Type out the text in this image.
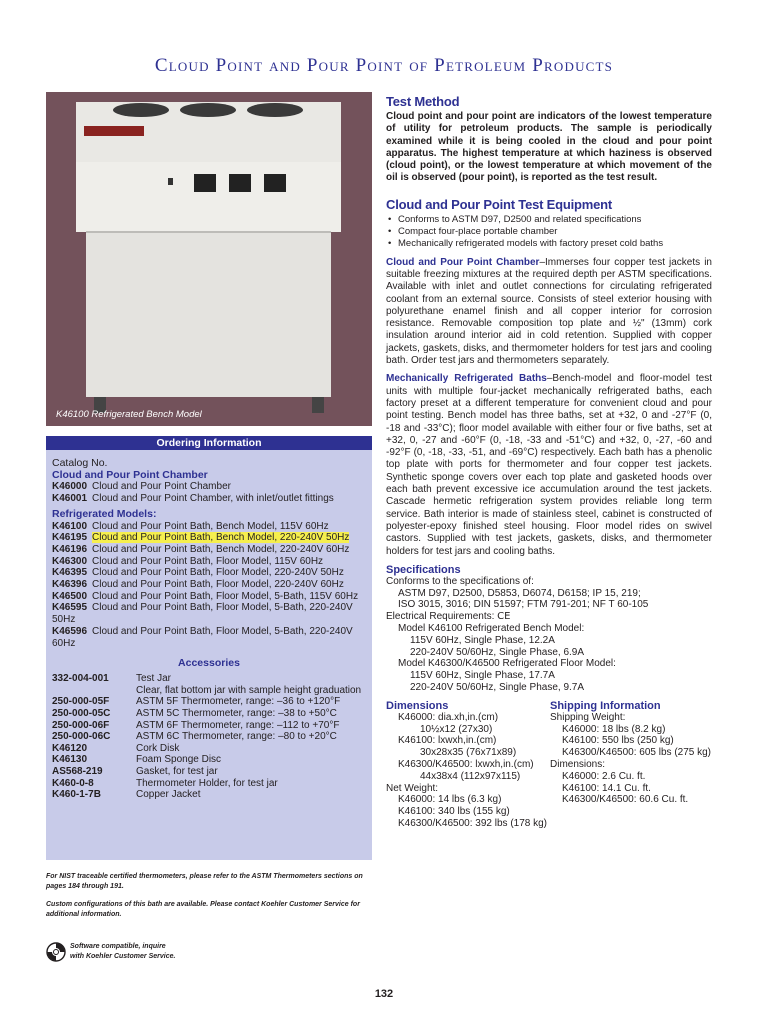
Cloud Point and Pour Point of Petroleum Products
K46100 Refrigerated Bench Model
Ordering Information
Catalog No.
Cloud and Pour Point Chamber
K46000 Cloud and Pour Point Chamber
K46001 Cloud and Pour Point Chamber, with inlet/outlet fittings
Refrigerated Models:
K46100 Cloud and Pour Point Bath, Bench Model, 115V 60Hz
K46195 Cloud and Pour Point Bath, Bench Model, 220-240V 50Hz
K46196 Cloud and Pour Point Bath, Bench Model, 220-240V 60Hz
K46300 Cloud and Pour Point Bath, Floor Model, 115V 60Hz
K46395 Cloud and Pour Point Bath, Floor Model, 220-240V 50Hz
K46396 Cloud and Pour Point Bath, Floor Model, 220-240V 60Hz
K46500 Cloud and Pour Point Bath, Floor Model, 5-Bath, 115V 60Hz
K46595 Cloud and Pour Point Bath, Floor Model, 5-Bath, 220-240V 50Hz
K46596 Cloud and Pour Point Bath, Floor Model, 5-Bath, 220-240V 60Hz
Accessories
332-004-001	Test Jar
Clear, flat bottom jar with sample height graduation
250-000-05F	ASTM 5F Thermometer, range: –36 to +120°F
250-000-05C	ASTM 5C Thermometer, range: –38 to +50°C
250-000-06F	ASTM 6F Thermometer, range: –112 to +70°F
250-000-06C	ASTM 6C Thermometer, range: –80 to +20°C
K46120	Cork Disk
K46130	Foam Sponge Disc
AS568-219	Gasket, for test jar
K460-0-8	Thermometer Holder, for test jar
K460-1-7B	Copper Jacket
For NIST traceable certified thermometers, please refer to the ASTM Thermometers sections on pages 184 through 191.
Custom configurations of this bath are available. Please contact Koehler Customer Service for additional information.
Software compatible, inquire
with Koehler Customer Service.
Test Method
Cloud point and pour point are indicators of the lowest temperature of utility for petroleum products. The sample is periodically examined while it is being cooled in the cloud and pour point apparatus. The highest temperature at which haziness is observed (cloud point), or the lowest temperature at which movement of the oil is observed (pour point), is reported as the test result.
Cloud and Pour Point Test Equipment
• Conforms to ASTM D97, D2500 and related specifications
• Compact four-place portable chamber
• Mechanically refrigerated models with factory preset cold baths
Cloud and Pour Point Chamber–Immerses four copper test jackets in suitable freezing mixtures at the required depth per ASTM specifications. Available with inlet and outlet connections for circulating refrigerated coolant from an external source. Consists of steel exterior housing with polyurethane enamel finish and all copper interior for corrosion resistance. Removable composition top plate and ½" (13mm) cork insulation around interior aid in cold retention. Supplied with copper jackets, gaskets, disks, and thermometer holders for test jars and cooling bath. Order test jars and thermometers separately.
Mechanically Refrigerated Baths–Bench-model and floor-model test units with multiple four-jacket mechanically refrigerated baths, each factory preset at a different temperature for convenient cloud and pour point testing. Bench model has three baths, set at +32, 0 and -27°F (0, -18 and -33°C); floor model available with either four or five baths, set at +32, 0, -27 and -60°F (0, -18, -33 and -51°C) and +32, 0, -27, -60 and -92°F (0, -18, -33, -51, and -69°C) respectively. Each bath has a phenolic top plate with ports for thermometer and four copper test jackets. Synthetic sponge covers over each top plate and gasketed hoods over each bath prevent excessive ice accumulation around the test jackets. Cascade hermetic refrigeration system provides reliable long term service. Bath interior is made of stainless steel, cabinet is constructed of polyester-epoxy finished steel housing. Floor model rides on swivel castors. Supplied with test jackets, gaskets, disks, and thermometer holders for test jars and cooling baths.
Specifications
Conforms to the specifications of:
ASTM D97, D2500, D5853, D6074, D6158; IP 15, 219;
ISO 3015, 3016; DIN 51597; FTM 791-201; NF T 60-105
Electrical Requirements: CE
Model K46100 Refrigerated Bench Model:
115V 60Hz, Single Phase, 12.2A
220-240V 50/60Hz, Single Phase, 6.9A
Model K46300/K46500 Refrigerated Floor Model:
115V 60Hz, Single Phase, 17.7A
220-240V 50/60Hz, Single Phase, 9.7A
Dimensions
K46000: dia.xh,in.(cm)
10½x12 (27x30)
K46100: lxwxh,in.(cm)
30x28x35 (76x71x89)
K46300/K46500: lxwxh,in.(cm)
44x38x4 (112x97x115)
Net Weight:
K46000: 14 lbs (6.3 kg)
K46100: 340 lbs (155 kg)
K46300/K46500: 392 lbs (178 kg)
Shipping Information
Shipping Weight:
K46000: 18 lbs (8.2 kg)
K46100: 550 lbs (250 kg)
K46300/K46500: 605 lbs (275 kg)
Dimensions:
K46000: 2.6 Cu. ft.
K46100: 14.1 Cu. ft.
K46300/K46500: 60.6 Cu. ft.
132
